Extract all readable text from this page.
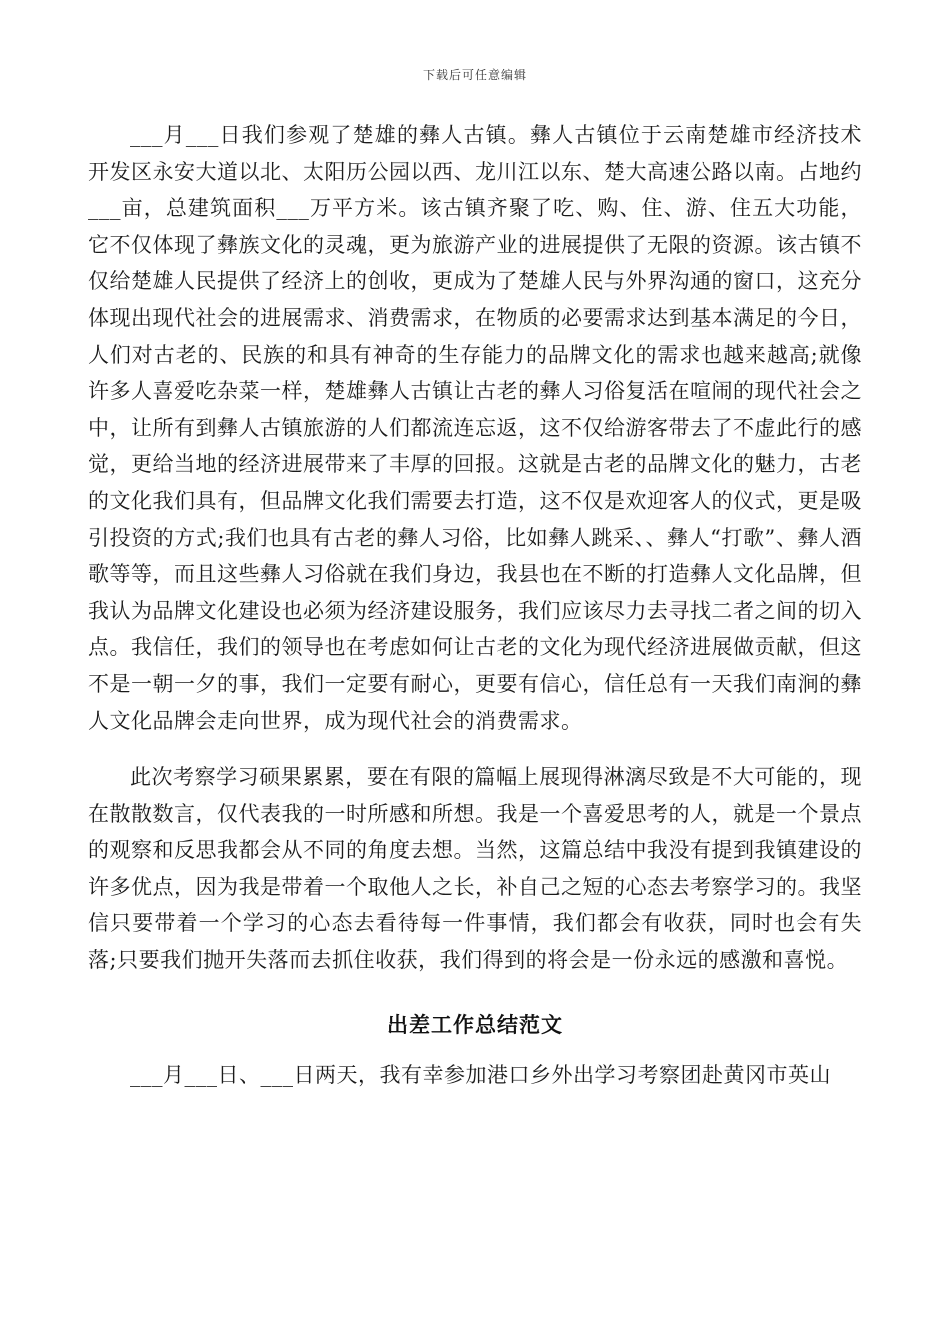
下载后可任意编辑

___月___日我们参观了楚雄的彝人古镇。彝人古镇位于云南楚雄市经济技术开发区永安大道以北、太阳历公园以西、龙川江以东、楚大高速公路以南。占地约___亩，总建筑面积___万平方米。该古镇齐聚了吃、购、住、游、住五大功能，它不仅体现了彝族文化的灵魂，更为旅游产业的进展提供了无限的资源。该古镇不仅给楚雄人民提供了经济上的创收，更成为了楚雄人民与外界沟通的窗口，这充分体现出现代社会的进展需求、消费需求，在物质的必要需求达到基本满足的今日，人们对古老的、民族的和具有神奇的生存能力的品牌文化的需求也越来越高;就像许多人喜爱吃杂菜一样，楚雄彝人古镇让古老的彝人习俗复活在喧闹的现代社会之中，让所有到彝人古镇旅游的人们都流连忘返，这不仅给游客带去了不虚此行的感觉，更给当地的经济进展带来了丰厚的回报。这就是古老的品牌文化的魅力，古老的文化我们具有，但品牌文化我们需要去打造，这不仅是欢迎客人的仪式，更是吸引投资的方式;我们也具有古老的彝人习俗，比如彝人跳采、、彝人“打歌”、彝人酒歌等等，而且这些彝人习俗就在我们身边，我县也在不断的打造彝人文化品牌，但我认为品牌文化建设也必须为经济建设服务，我们应该尽力去寻找二者之间的切入点。我信任，我们的领导也在考虑如何让古老的文化为现代经济进展做贡献，但这不是一朝一夕的事，我们一定要有耐心，更要有信心，信任总有一天我们南涧的彝人文化品牌会走向世界，成为现代社会的消费需求。

此次考察学习硕果累累，要在有限的篇幅上展现得淋漓尽致是不大可能的，现在散散数言，仅代表我的一时所感和所想。我是一个喜爱思考的人，就是一个景点的观察和反思我都会从不同的角度去想。当然，这篇总结中我没有提到我镇建设的许多优点，因为我是带着一个取他人之长，补自己之短的心态去考察学习的。我坚信只要带着一个学习的心态去看待每一件事情，我们都会有收获，同时也会有失落;只要我们抛开失落而去抓住收获，我们得到的将会是一份永远的感激和喜悦。

出差工作总结范文

___月___日、___日两天，我有幸参加港口乡外出学习考察团赴黄冈市英山
